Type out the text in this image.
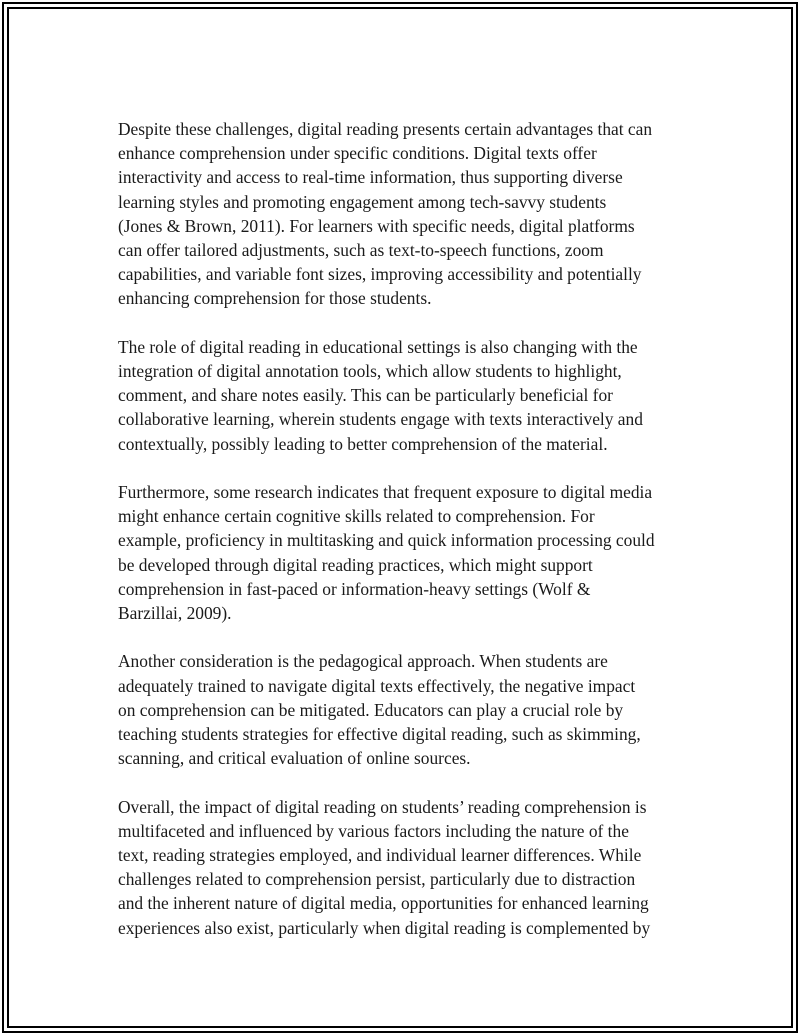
Despite these challenges, digital reading presents certain advantages that can
enhance comprehension under specific conditions. Digital texts offer
interactivity and access to real-time information, thus supporting diverse
learning styles and promoting engagement among tech-savvy students
(Jones & Brown, 2011). For learners with specific needs, digital platforms
can offer tailored adjustments, such as text-to-speech functions, zoom
capabilities, and variable font sizes, improving accessibility and potentially
enhancing comprehension for those students.

The role of digital reading in educational settings is also changing with the
integration of digital annotation tools, which allow students to highlight,
comment, and share notes easily. This can be particularly beneficial for
collaborative learning, wherein students engage with texts interactively and
contextually, possibly leading to better comprehension of the material.

Furthermore, some research indicates that frequent exposure to digital media
might enhance certain cognitive skills related to comprehension. For
example, proficiency in multitasking and quick information processing could
be developed through digital reading practices, which might support
comprehension in fast-paced or information-heavy settings (Wolf &
Barzillai, 2009).

Another consideration is the pedagogical approach. When students are
adequately trained to navigate digital texts effectively, the negative impact
on comprehension can be mitigated. Educators can play a crucial role by
teaching students strategies for effective digital reading, such as skimming,
scanning, and critical evaluation of online sources.

Overall, the impact of digital reading on students’ reading comprehension is
multifaceted and influenced by various factors including the nature of the
text, reading strategies employed, and individual learner differences. While
challenges related to comprehension persist, particularly due to distraction
and the inherent nature of digital media, opportunities for enhanced learning
experiences also exist, particularly when digital reading is complemented by
